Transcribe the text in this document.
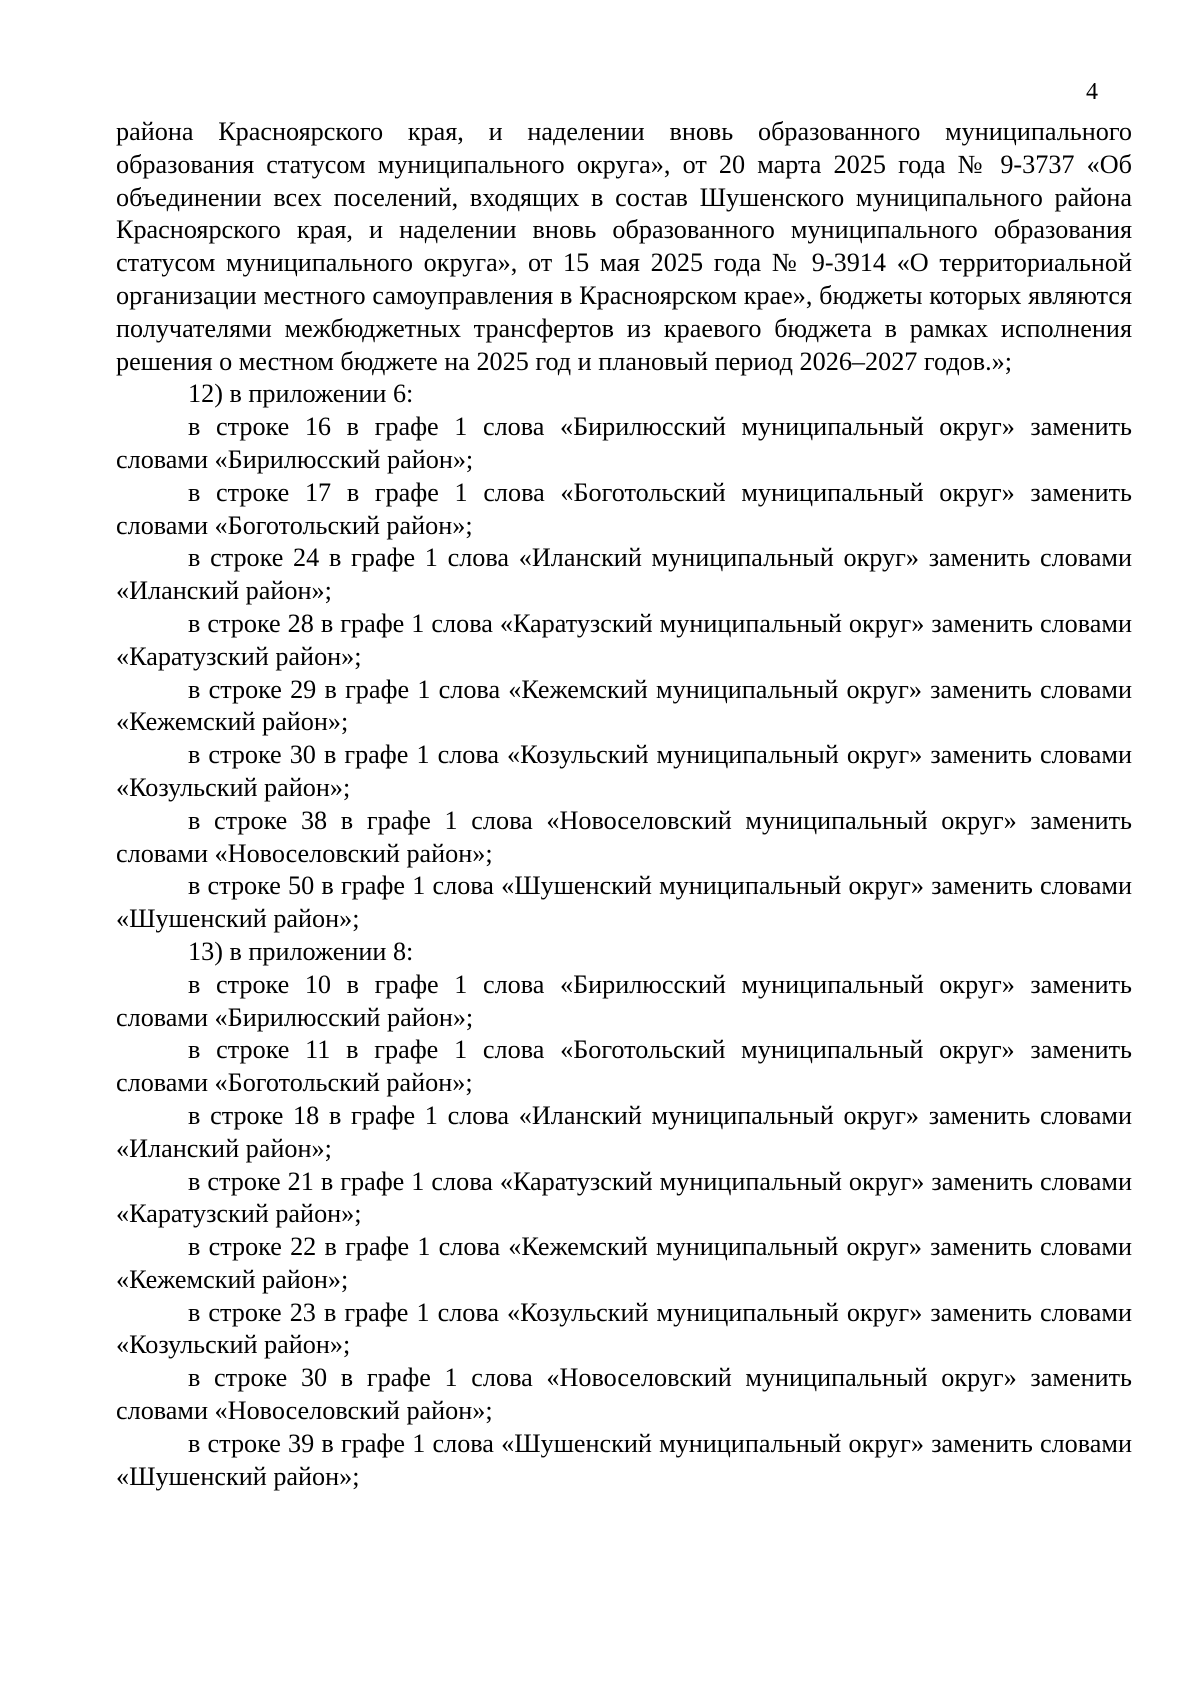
4

района Красноярского края, и наделении вновь образованного муниципального образования статусом муниципального округа», от 20 марта 2025 года № 9-3737 «Об объединении всех поселений, входящих в состав Шушенского муниципального района Красноярского края, и наделении вновь образованного муниципального образования статусом муниципального округа», от 15 мая 2025 года № 9-3914 «О территориальной организации местного самоуправления в Красноярском крае», бюджеты которых являются получателями межбюджетных трансфертов из краевого бюджета в рамках исполнения решения о местном бюджете на 2025 год и плановый период 2026–2027 годов.»;

12) в приложении 6:

в строке 16 в графе 1 слова «Бирилюсский муниципальный округ» заменить словами «Бирилюсский район»;

в строке 17 в графе 1 слова «Боготольский муниципальный округ» заменить словами «Боготольский район»;

в строке 24 в графе 1 слова «Иланский муниципальный округ» заменить словами «Иланский район»;

в строке 28 в графе 1 слова «Каратузский муниципальный округ» заменить словами «Каратузский район»;

в строке 29 в графе 1 слова «Кежемский муниципальный округ» заменить словами «Кежемский район»;

в строке 30 в графе 1 слова «Козульский муниципальный округ» заменить словами «Козульский район»;

в строке 38 в графе 1 слова «Новоселовский муниципальный округ» заменить словами «Новоселовский район»;

в строке 50 в графе 1 слова «Шушенский муниципальный округ» заменить словами «Шушенский район»;

13) в приложении 8:

в строке 10 в графе 1 слова «Бирилюсский муниципальный округ» заменить словами «Бирилюсский район»;

в строке 11 в графе 1 слова «Боготольский муниципальный округ» заменить словами «Боготольский район»;

в строке 18 в графе 1 слова «Иланский муниципальный округ» заменить словами «Иланский район»;

в строке 21 в графе 1 слова «Каратузский муниципальный округ» заменить словами «Каратузский район»;

в строке 22 в графе 1 слова «Кежемский муниципальный округ» заменить словами «Кежемский район»;

в строке 23 в графе 1 слова «Козульский муниципальный округ» заменить словами «Козульский район»;

в строке 30 в графе 1 слова «Новоселовский муниципальный округ» заменить словами «Новоселовский район»;

в строке 39 в графе 1 слова «Шушенский муниципальный округ» заменить словами «Шушенский район»;
